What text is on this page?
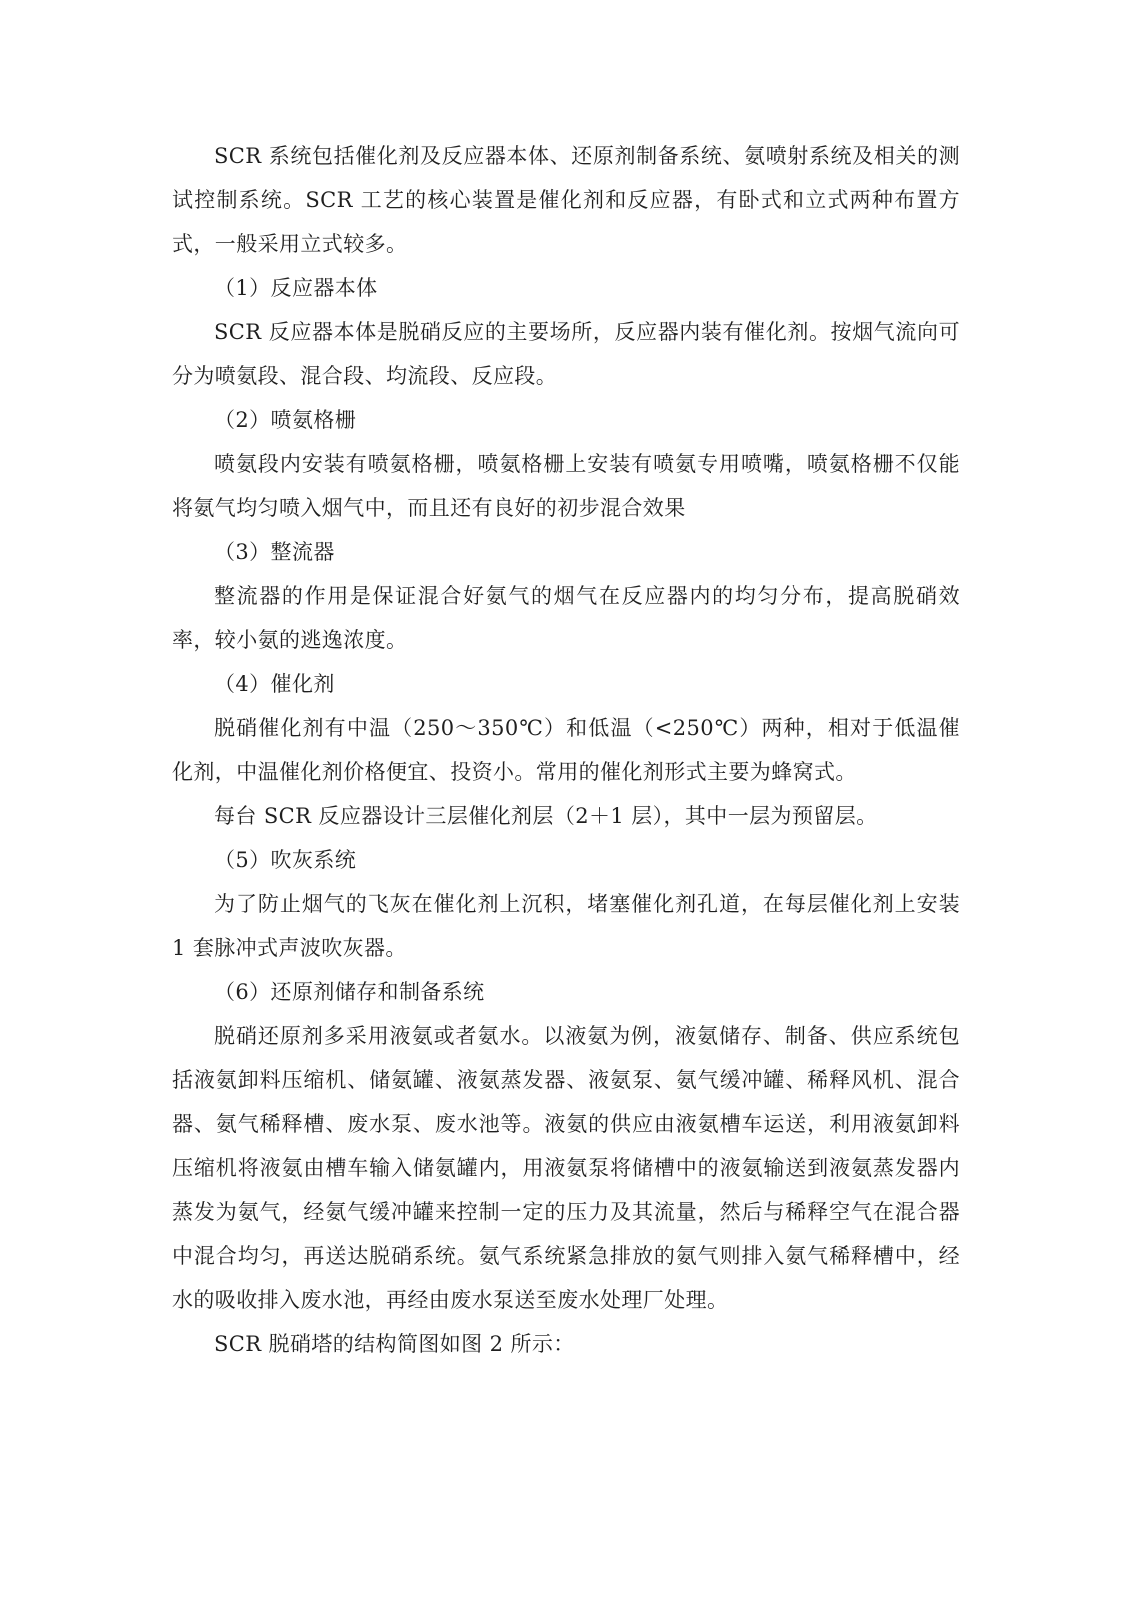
SCR 系统包括催化剂及反应器本体、还原剂制备系统、氨喷射系统及相关的测试控制系统。SCR 工艺的核心装置是催化剂和反应器，有卧式和立式两种布置方式，一般采用立式较多。

（1）反应器本体

SCR 反应器本体是脱硝反应的主要场所，反应器内装有催化剂。按烟气流向可分为喷氨段、混合段、均流段、反应段。

（2）喷氨格栅

喷氨段内安装有喷氨格栅，喷氨格栅上安装有喷氨专用喷嘴，喷氨格栅不仅能将氨气均匀喷入烟气中，而且还有良好的初步混合效果

（3）整流器

整流器的作用是保证混合好氨气的烟气在反应器内的均匀分布，提高脱硝效率，较小氨的逃逸浓度。

（4）催化剂

脱硝催化剂有中温（250～350℃）和低温（<250℃）两种，相对于低温催化剂，中温催化剂价格便宜、投资小。常用的催化剂形式主要为蜂窝式。

每台 SCR 反应器设计三层催化剂层（2＋1 层），其中一层为预留层。

（5）吹灰系统

为了防止烟气的飞灰在催化剂上沉积，堵塞催化剂孔道，在每层催化剂上安装 1 套脉冲式声波吹灰器。

（6）还原剂储存和制备系统

脱硝还原剂多采用液氨或者氨水。以液氨为例，液氨储存、制备、供应系统包括液氨卸料压缩机、储氨罐、液氨蒸发器、液氨泵、氨气缓冲罐、稀释风机、混合器、氨气稀释槽、废水泵、废水池等。液氨的供应由液氨槽车运送，利用液氨卸料压缩机将液氨由槽车输入储氨罐内，用液氨泵将储槽中的液氨输送到液氨蒸发器内蒸发为氨气，经氨气缓冲罐来控制一定的压力及其流量，然后与稀释空气在混合器中混合均匀，再送达脱硝系统。氨气系统紧急排放的氨气则排入氨气稀释槽中，经水的吸收排入废水池，再经由废水泵送至废水处理厂处理。

SCR 脱硝塔的结构简图如图 2 所示：
